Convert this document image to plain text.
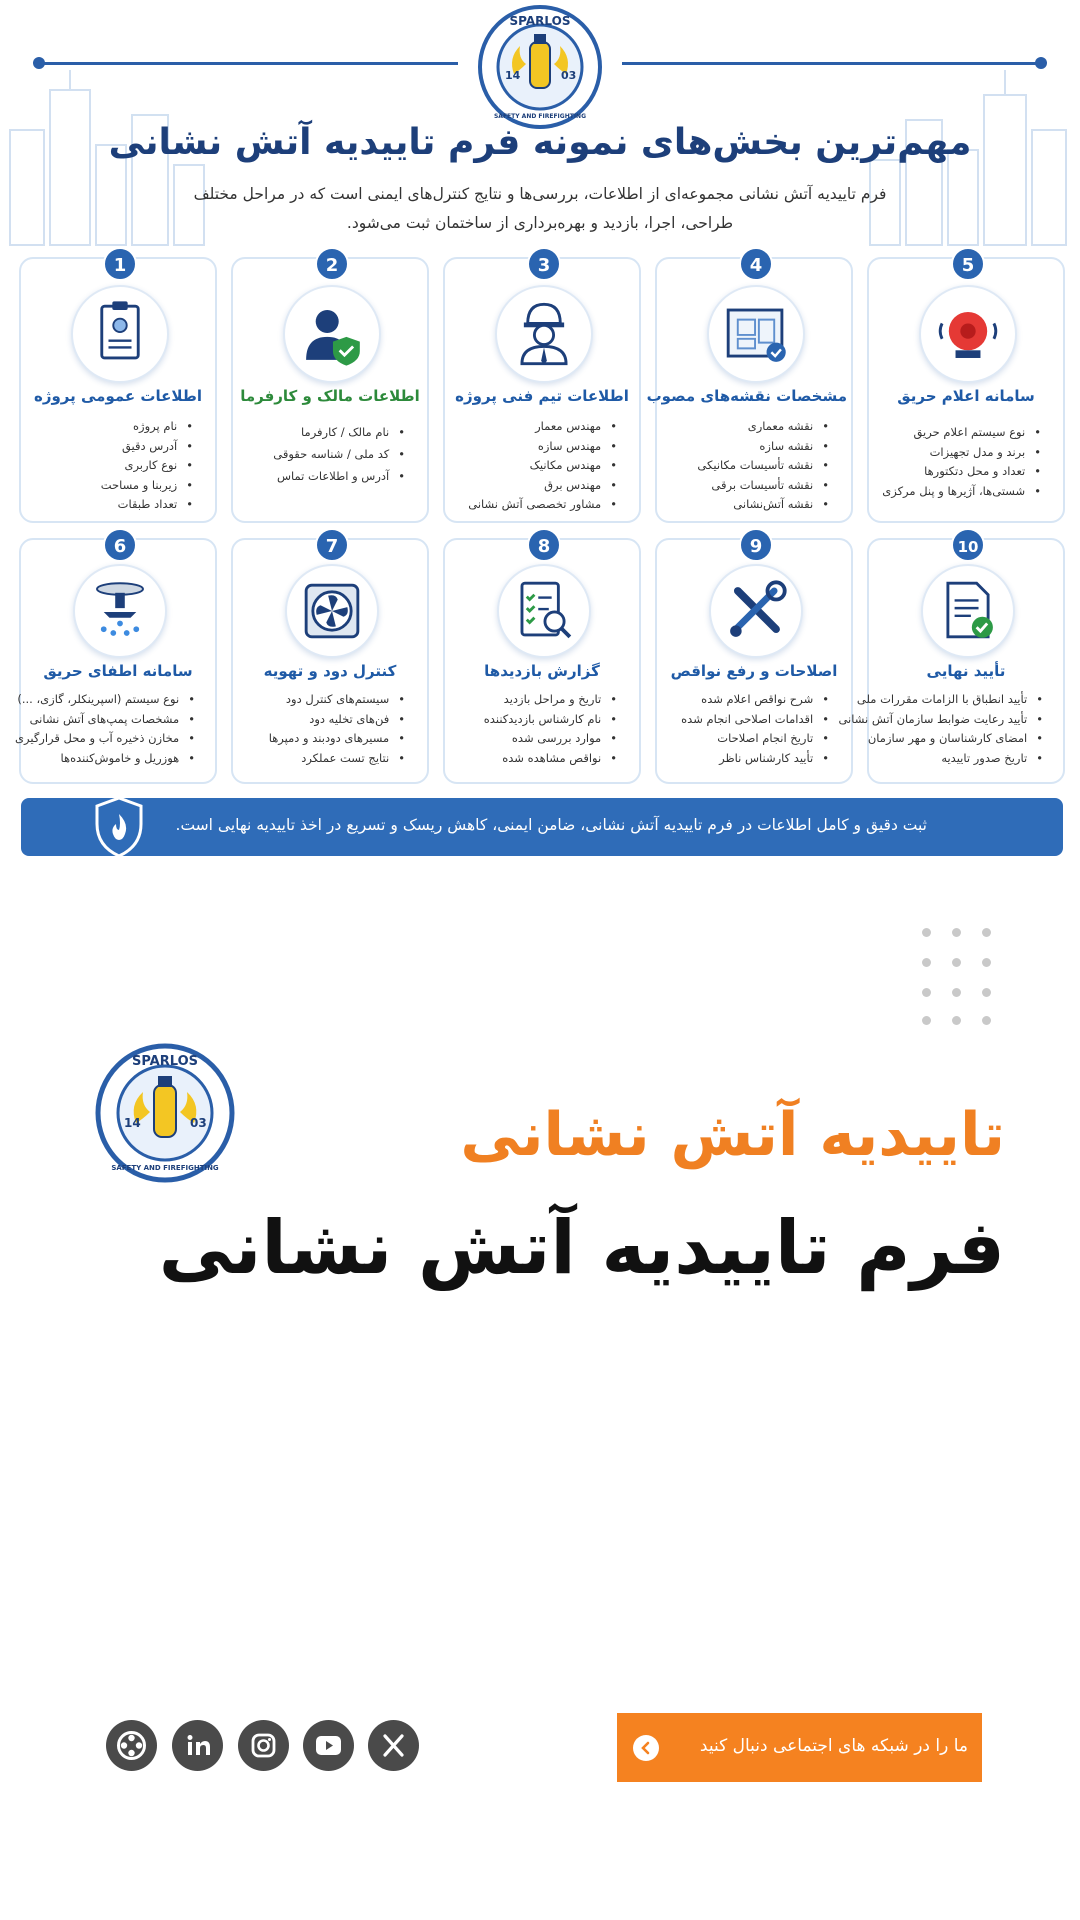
14	03
SPARLOS
SAFETY AND FIREFIGHTING
مهم‌ترین بخش‌های نمونه فرم تاییدیه آتش نشانی
فرم تاییدیه آتش نشانی مجموعه‌ای از اطلاعات، بررسی‌ها و نتایج کنترل‌های ایمنی است که در مراحل مختلف
طراحی، اجرا، بازدید و بهره‌برداری از ساختمان ثبت می‌شود.
1
اطلاعات عمومی پروژه
• نام پروژه
• آدرس دقیق
• نوع کاربری
• زیربنا و مساحت
• تعداد طبقات
2
اطلاعات مالک و کارفرما
• نام مالک / کارفرما
• کد ملی / شناسه حقوقی
• آدرس و اطلاعات تماس
3
اطلاعات تیم فنی پروژه
• مهندس معمار
• مهندس سازه
• مهندس مکانیک
• مهندس برق
• مشاور تخصصی آتش نشانی
4
مشخصات نقشه‌های مصوب
• نقشه معماری
• نقشه سازه
• نقشه تأسیسات مکانیکی
• نقشه تأسیسات برقی
• نقشه آتش‌نشانی
5
سامانه اعلام حریق
• نوع سیستم اعلام حریق
• برند و مدل تجهیزات
• تعداد و محل دتکتورها
• شستی‌ها، آژیرها و پنل مرکزی
6
سامانه اطفای حریق
• نوع سیستم (اسپرینکلر، گازی، ...)
• مشخصات پمپ‌های آتش نشانی
• مخازن ذخیره آب و محل قرارگیری
• هوزریل و خاموش‌کننده‌ها
7
کنترل دود و تهویه
• سیستم‌های کنترل دود
• فن‌های تخلیه دود
• مسیرهای دودبند و دمپرها
• نتایج تست عملکرد
8
گزارش بازدیدها
• تاریخ و مراحل بازدید
• نام کارشناس بازدیدکننده
• موارد بررسی شده
• نواقص مشاهده شده
9
اصلاحات و رفع نواقص
• شرح نواقص اعلام شده
• اقدامات اصلاحی انجام شده
• تاریخ انجام اصلاحات
• تأیید کارشناس ناظر
10
تأیید نهایی
• تأیید انطباق با الزامات مقررات ملی
• تأیید رعایت ضوابط سازمان آتش نشانی
• امضای کارشناسان و مهر سازمان
• تاریخ صدور تاییدیه
ثبت دقیق و کامل اطلاعات در فرم تاییدیه آتش نشانی، ضامن ایمنی، کاهش ریسک و تسریع در اخذ تاییدیه نهایی است.
14	03
SPARLOS
SAFETY AND FIREFIGHTING	تاییدیه آتش نشانی
فرم تاییدیه آتش نشانی
ما را در شبکه های اجتماعی دنبال کنید
